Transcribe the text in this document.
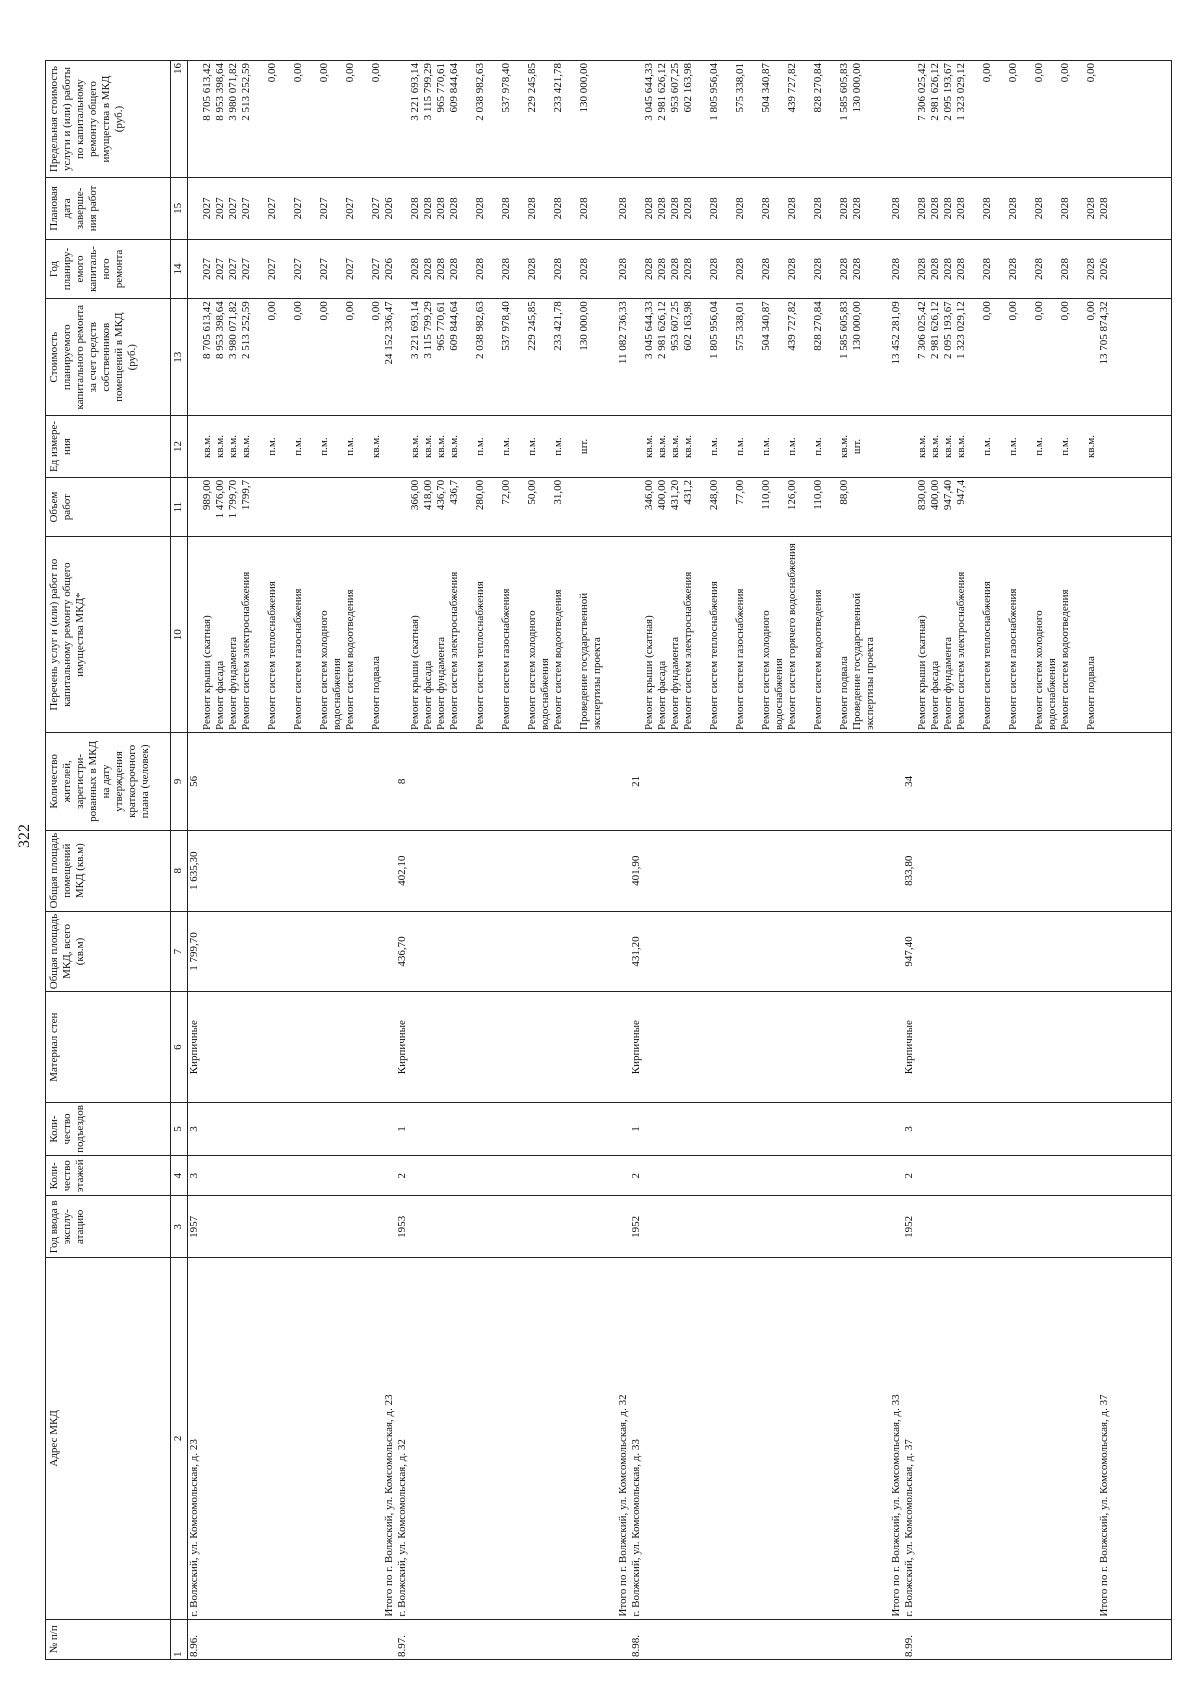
322
№ п/п	Адрес МКД	Год ввода в эксплу-атацию	Коли-чество этажей	Коли-чество подъездов	Материал стен	Общая площадь МКД, всего (кв.м)	Общая площадь помещений МКД (кв.м)	Количество жителей, зарегистри-рованных в МКД на дату утверждения краткосрочного плана (человек)	Перечень услуг и (или) работ по капитальному ремонту общего имущества МКД*	Объем работ	Ед измере-ния	Стоимость планируемого капитального ремонта за счет средств собственников помещений в МКД (руб.)	Год планиру-емого капиталь-ного ремонта	Плановая дата заверше-ния работ	Предельная стоимость услуги и (или) работы по капитальному ремонту общего имущества в МКД (руб.)
1	2	3	4	5	6	7	8	9	10	11	12	13	14	15	16
8.96.	г. Волжский, ул. Комсомольская, д. 23	1957	3	3	Кирпичные	1 799,70	1 635,30	56							
									Ремонт крыши (скатная)	989,00	кв.м.	8 705 613,42	2027	2027	8 705 613,42
									Ремонт фасада	1 476,00	кв.м.	8 953 398,64	2027	2027	8 953 398,64
									Ремонт фундамента	1 799,70	кв.м.	3 980 071,82	2027	2027	3 980 071,82
									Ремонт систем электроснабжения	1799,7	кв.м.	2 513 252,59	2027	2027	2 513 252,59
									Ремонт систем теплоснабжения		п.м.	0,00	2027	2027	0,00
									Ремонт систем газоснабжения		п.м.	0,00	2027	2027	0,00
									Ремонт систем холодного водоснабжения		п.м.	0,00	2027	2027	0,00
									Ремонт систем водоотведения		п.м.	0,00	2027	2027	0,00
									Ремонт подвала		кв.м.	0,00	2027	2027	0,00
	Итого по г. Волжский, ул. Комсомольская, д. 23											24 152 336,47	2026	2026	
8.97.	г. Волжский, ул. Комсомольская, д. 32	1953	2	1	Кирпичные	436,70	402,10	8							
									Ремонт крыши (скатная)	366,00	кв.м.	3 221 693,14	2028	2028	3 221 693,14
									Ремонт фасада	418,00	кв.м.	3 115 799,29	2028	2028	3 115 799,29
									Ремонт фундамента	436,70	кв.м.	965 770,61	2028	2028	965 770,61
									Ремонт систем электроснабжения	436,7	кв.м.	609 844,64	2028	2028	609 844,64
									Ремонт систем теплоснабжения	280,00	п.м.	2 038 982,63	2028	2028	2 038 982,63
									Ремонт систем газоснабжения	72,00	п.м.	537 978,40	2028	2028	537 978,40
									Ремонт систем холодного водоснабжения	50,00	п.м.	229 245,85	2028	2028	229 245,85
									Ремонт систем водоотведения	31,00	п.м.	233 421,78	2028	2028	233 421,78
									Проведение государственной экспертизы проекта		шт.	130 000,00	2028	2028	130 000,00
	Итого по г. Волжский, ул. Комсомольская, д. 32											11 082 736,33	2028	2028	
8.98.	г. Волжский, ул. Комсомольская, д. 33	1952	2	1	Кирпичные	431,20	401,90	21							
									Ремонт крыши (скатная)	346,00	кв.м.	3 045 644,33	2028	2028	3 045 644,33
									Ремонт фасада	400,00	кв.м.	2 981 626,12	2028	2028	2 981 626,12
									Ремонт фундамента	431,20	кв.м.	953 607,25	2028	2028	953 607,25
									Ремонт систем электроснабжения	431,2	кв.м.	602 163,98	2028	2028	602 163,98
									Ремонт систем теплоснабжения	248,00	п.м.	1 805 956,04	2028	2028	1 805 956,04
									Ремонт систем газоснабжения	77,00	п.м.	575 338,01	2028	2028	575 338,01
									Ремонт систем холодного водоснабжения	110,00	п.м.	504 340,87	2028	2028	504 340,87
									Ремонт систем горячего водоснабжения	126,00	п.м.	439 727,82	2028	2028	439 727,82
									Ремонт систем водоотведения	110,00	п.м.	828 270,84	2028	2028	828 270,84
									Ремонт подвала	88,00	кв.м.	1 585 605,83	2028	2028	1 585 605,83
									Проведение государственной экспертизы проекта		шт.	130 000,00	2028	2028	130 000,00
	Итого по г. Волжский, ул. Комсомольская, д. 33											13 452 281,09	2028	2028	
8.99.	г. Волжский, ул. Комсомольская, д. 37	1952	2	3	Кирпичные	947,40	833,80	34							
									Ремонт крыши (скатная)	830,00	кв.м.	7 306 025,42	2028	2028	7 306 025,42
									Ремонт фасада	400,00	кв.м.	2 981 626,12	2028	2028	2 981 626,12
									Ремонт фундамента	947,40	кв.м.	2 095 193,67	2028	2028	2 095 193,67
									Ремонт систем электроснабжения	947,4	кв.м.	1 323 029,12	2028	2028	1 323 029,12
									Ремонт систем теплоснабжения		п.м.	0,00	2028	2028	0,00
									Ремонт систем газоснабжения		п.м.	0,00	2028	2028	0,00
									Ремонт систем холодного водоснабжения		п.м.	0,00	2028	2028	0,00
									Ремонт систем водоотведения		п.м.	0,00	2028	2028	0,00
									Ремонт подвала		кв.м.	0,00	2028	2028	0,00
	Итого по г. Волжский, ул. Комсомольская, д. 37											13 705 874,32	2026	2028	
